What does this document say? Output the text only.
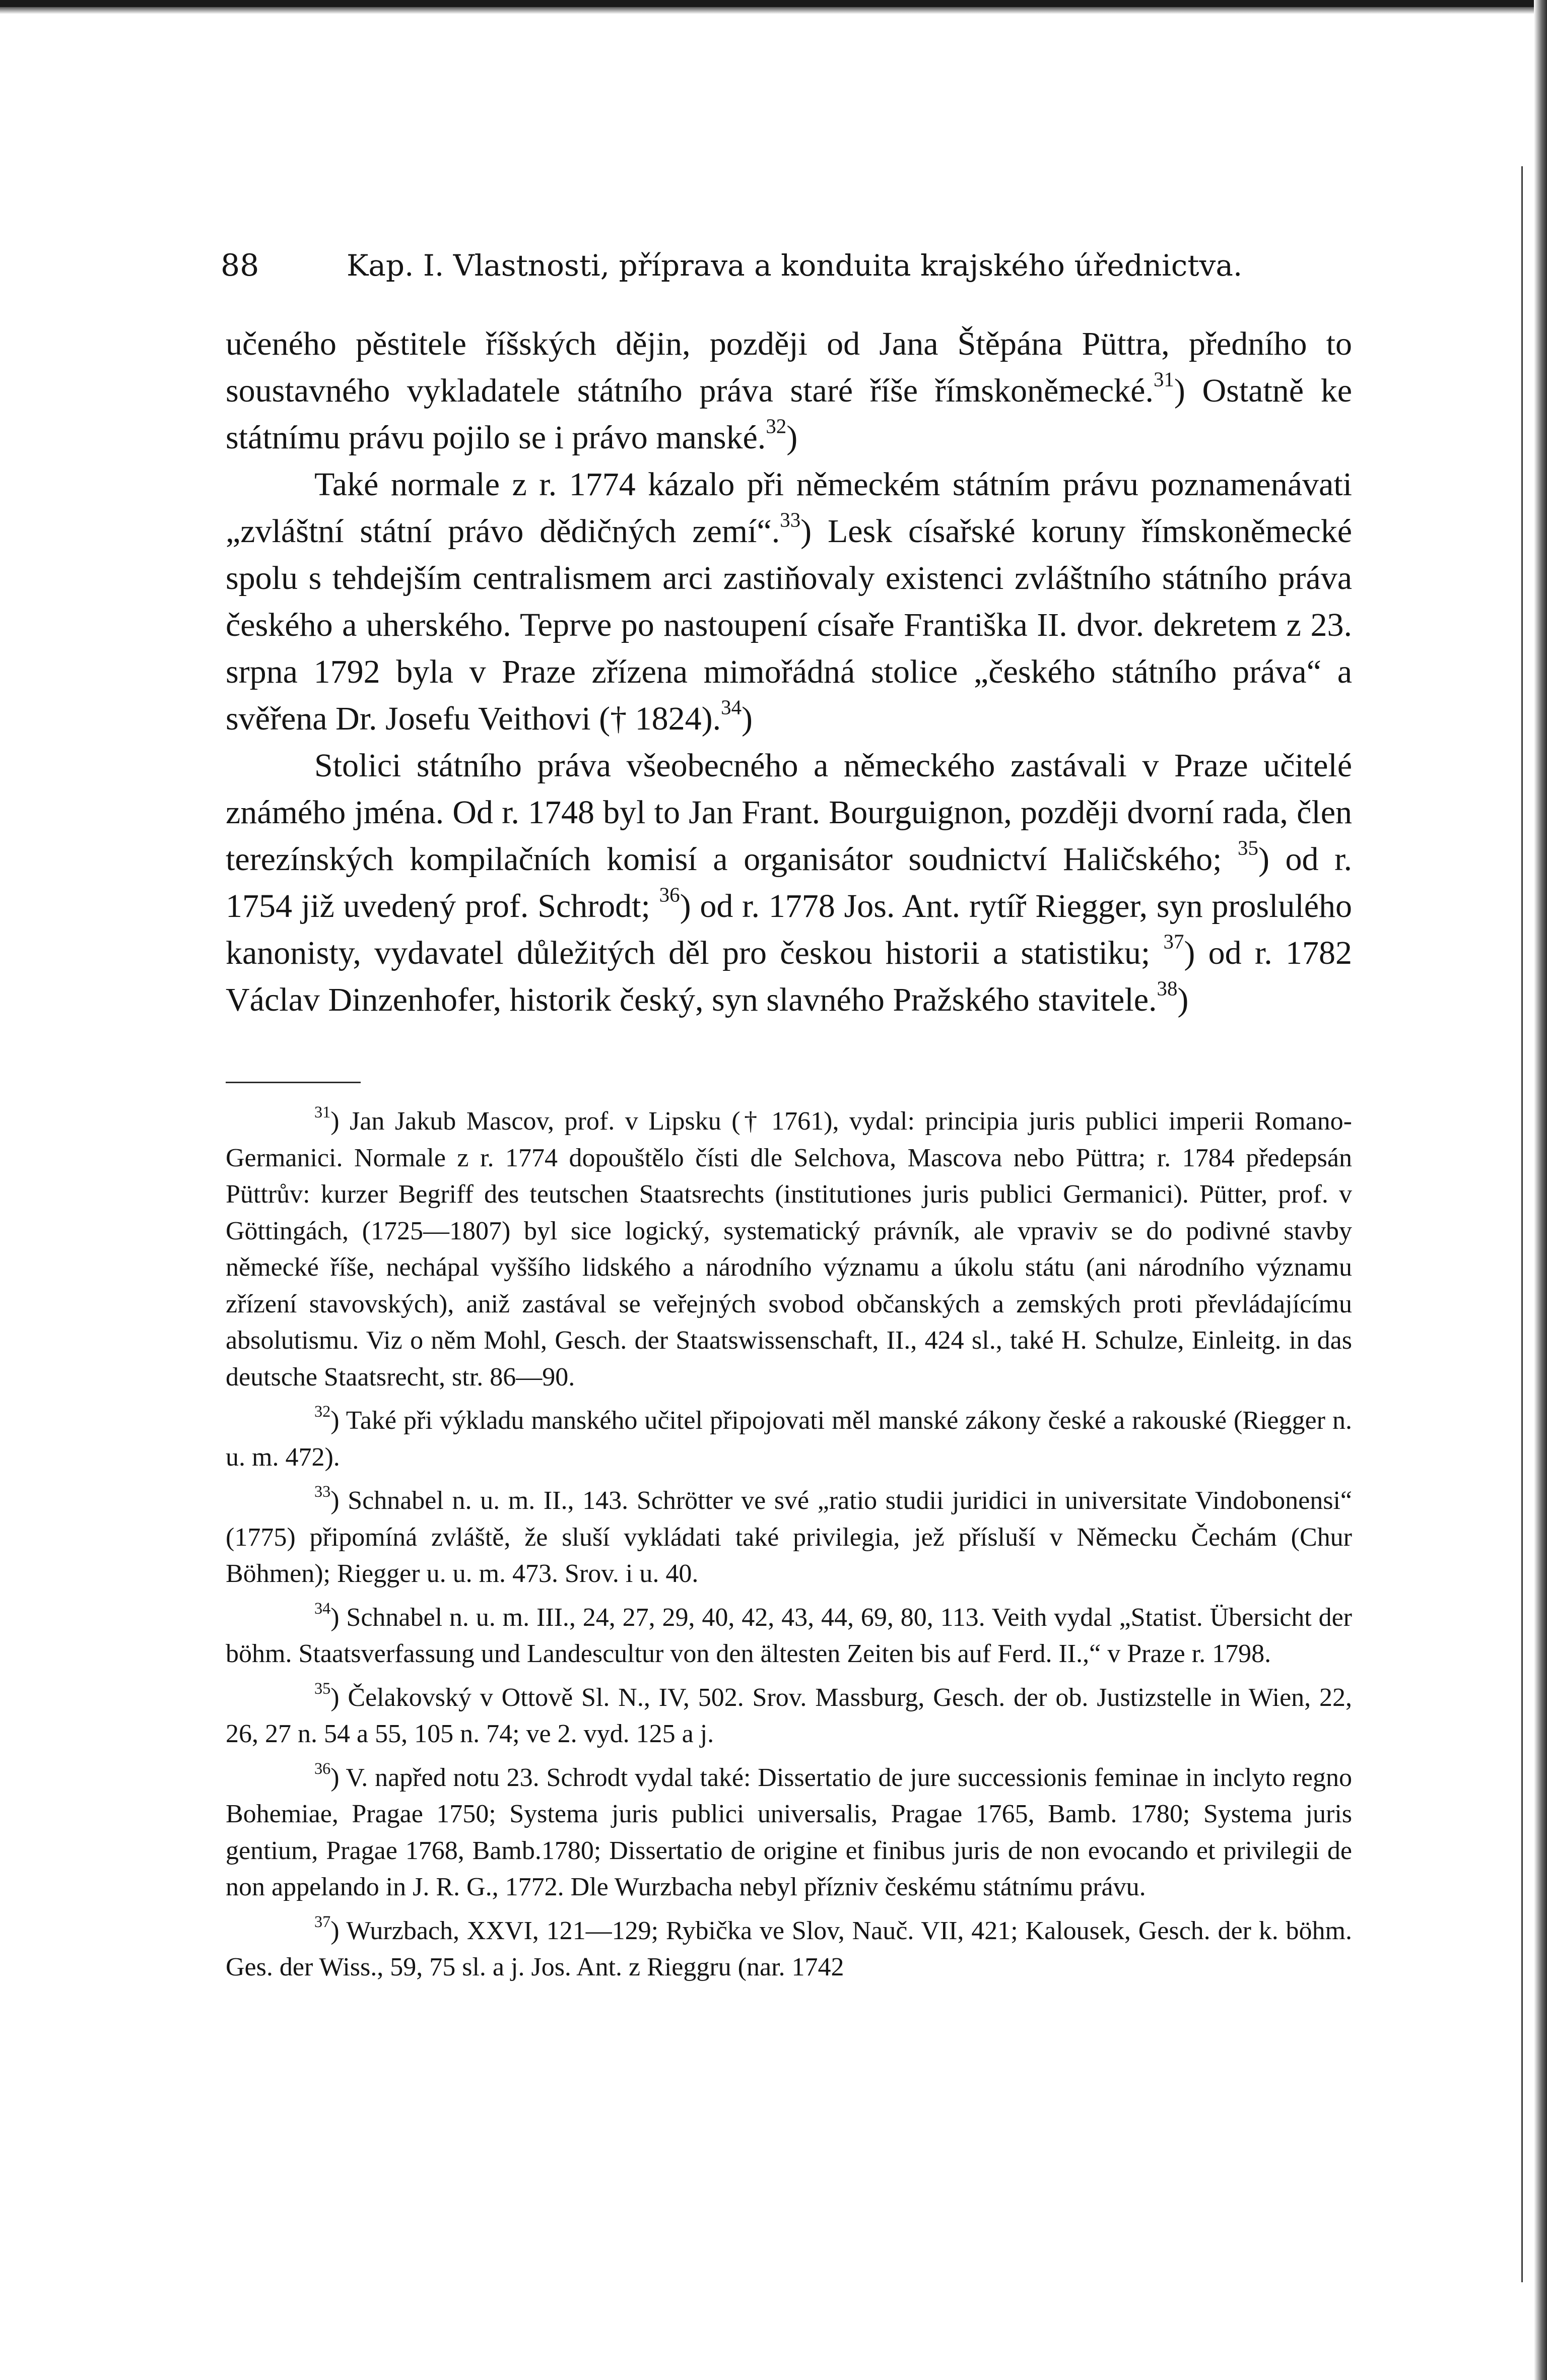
88	Kap. I. Vlastnosti, příprava a konduita krajského úřednictva.

učeného pěstitele říšských dějin, později od Jana Štěpána Püttra, předního to soustavného vykladatele státního práva staré říše římskoněmecké.$^{31}$) Ostatně ke státnímu právu pojilo se i právo manské.$^{32}$)

Také normale z r. 1774 kázalo při německém státním právu poznamenávati „zvláštní státní právo dědičných zemí“.$^{33}$) Lesk císařské koruny římskoněmecké spolu s tehdejším centralismem arci zastiňovaly existenci zvláštního státního práva českého a uherského. Teprve po nastoupení císaře Františka II. dvor. dekretem z 23. srpna 1792 byla v Praze zřízena mimořádná stolice „českého státního práva“ a svěřena Dr. Josefu Veithovi († 1824).$^{34}$)

Stolici státního práva všeobecného a německého zastávali v Praze učitelé známého jména. Od r. 1748 byl to Jan Frant. Bourguignon, později dvorní rada, člen terezínských kompilačních komisí a organisátor soudnictví Haličského; $^{35}$) od r. 1754 již uvedený prof. Schrodt; $^{36}$) od r. 1778 Jos. Ant. rytíř Riegger, syn proslulého kanonisty, vydavatel důležitých děl pro českou historii a statistiku; $^{37}$) od r. 1782 Václav Dinzenhofer, historik český, syn slavného Pražského stavitele.$^{38}$)

$^{31}$) Jan Jakub Mascov, prof. v Lipsku († 1761), vydal: principia juris publici imperii Romano-Germanici. Normale z r. 1774 dopouštělo čísti dle Selchova, Mascova nebo Püttra; r. 1784 předepsán Püttrův: kurzer Begriff des teutschen Staatsrechts (institutiones juris publici Germanici). Pütter, prof. v Göttingách, (1725—1807) byl sice logický, systematický právník, ale vpraviv se do podivné stavby německé říše, nechápal vyššího lidského a národního významu a úkolu státu (ani národního významu zřízení stavovských), aniž zastával se veřejných svobod občanských a zemských proti převládajícímu absolutismu. Viz o něm Mohl, Gesch. der Staatswissenschaft, II., 424 sl., také H. Schulze, Einleitg. in das deutsche Staatsrecht, str. 86—90.

$^{32}$) Také při výkladu manského učitel připojovati měl manské zákony české a rakouské (Riegger n. u. m. 472).

$^{33}$) Schnabel n. u. m. II., 143. Schrötter ve své „ratio studii juridici in universitate Vindobonensi“ (1775) připomíná zvláště, že sluší vykládati také privilegia, jež přísluší v Německu Čechám (Chur Böhmen); Riegger u. u. m. 473. Srov. i u. 40.

$^{34}$) Schnabel n. u. m. III., 24, 27, 29, 40, 42, 43, 44, 69, 80, 113. Veith vydal „Statist. Übersicht der böhm. Staatsverfassung und Landescultur von den ältesten Zeiten bis auf Ferd. II.,“ v Praze r. 1798.

$^{35}$) Čelakovský v Ottově Sl. N., IV, 502. Srov. Massburg, Gesch. der ob. Justizstelle in Wien, 22, 26, 27 n. 54 a 55, 105 n. 74; ve 2. vyd. 125 a j.

$^{36}$) V. napřed notu 23. Schrodt vydal také: Dissertatio de jure successionis feminae in inclyto regno Bohemiae, Pragae 1750; Systema juris publici universalis, Pragae 1765, Bamb. 1780; Systema juris gentium, Pragae 1768, Bamb.1780; Dissertatio de origine et finibus juris de non evocando et privilegii de non appelando in J. R. G., 1772. Dle Wurzbacha nebyl přízniv českému státnímu právu.

$^{37}$) Wurzbach, XXVI, 121—129; Rybička ve Slov, Nauč. VII, 421; Kalousek, Gesch. der k. böhm. Ges. der Wiss., 59, 75 sl. a j. Jos. Ant. z Rieggru (nar. 1742
